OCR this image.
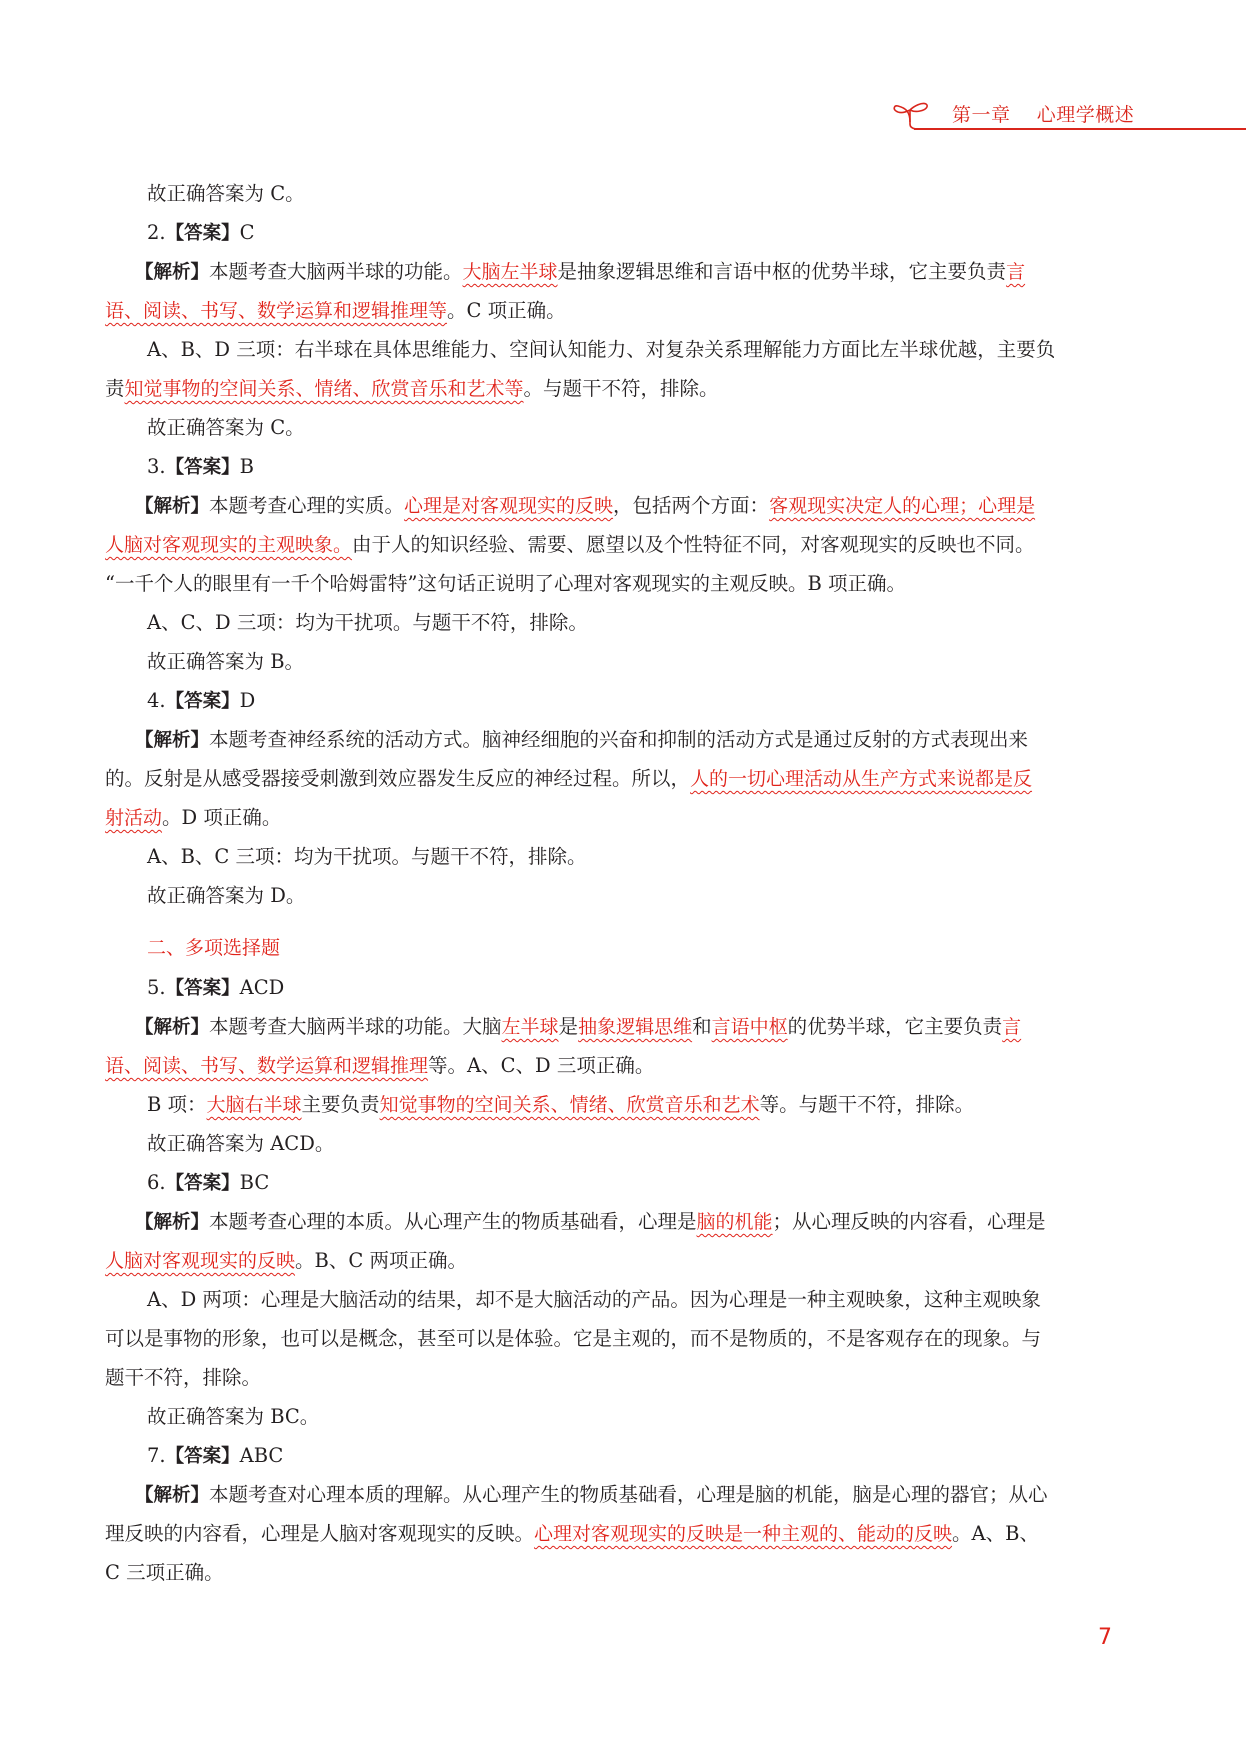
第一章 心理学概述
故正确答案为 C。
2.【答案】C
【解析】本题考查大脑两半球的功能。大脑左半球是抽象逻辑思维和言语中枢的优势半球，它主要负责言
语、阅读、书写、数学运算和逻辑推理等。C 项正确。
A、B、D 三项：右半球在具体思维能力、空间认知能力、对复杂关系理解能力方面比左半球优越，主要负
责知觉事物的空间关系、情绪、欣赏音乐和艺术等。与题干不符，排除。
故正确答案为 C。
3.【答案】B
【解析】本题考查心理的实质。心理是对客观现实的反映，包括两个方面：客观现实决定人的心理；心理是
人脑对客观现实的主观映象。由于人的知识经验、需要、愿望以及个性特征不同，对客观现实的反映也不同。
“一千个人的眼里有一千个哈姆雷特”这句话正说明了心理对客观现实的主观反映。B 项正确。
A、C、D 三项：均为干扰项。与题干不符，排除。
故正确答案为 B。
4.【答案】D
【解析】本题考查神经系统的活动方式。脑神经细胞的兴奋和抑制的活动方式是通过反射的方式表现出来
的。反射是从感受器接受刺激到效应器发生反应的神经过程。所以，人的一切心理活动从生产方式来说都是反
射活动。D 项正确。
A、B、C 三项：均为干扰项。与题干不符，排除。
故正确答案为 D。
二、多项选择题
5.【答案】ACD
【解析】本题考查大脑两半球的功能。大脑左半球是抽象逻辑思维和言语中枢的优势半球，它主要负责言
语、阅读、书写、数学运算和逻辑推理等。A、C、D 三项正确。
B 项：大脑右半球主要负责知觉事物的空间关系、情绪、欣赏音乐和艺术等。与题干不符，排除。
故正确答案为 ACD。
6.【答案】BC
【解析】本题考查心理的本质。从心理产生的物质基础看，心理是脑的机能；从心理反映的内容看，心理是
人脑对客观现实的反映。B、C 两项正确。
A、D 两项：心理是大脑活动的结果，却不是大脑活动的产品。因为心理是一种主观映象，这种主观映象
可以是事物的形象，也可以是概念，甚至可以是体验。它是主观的，而不是物质的，不是客观存在的现象。与
题干不符，排除。
故正确答案为 BC。
7.【答案】ABC
【解析】本题考查对心理本质的理解。从心理产生的物质基础看，心理是脑的机能，脑是心理的器官；从心
理反映的内容看，心理是人脑对客观现实的反映。心理对客观现实的反映是一种主观的、能动的反映。A、B、
C 三项正确。
7
